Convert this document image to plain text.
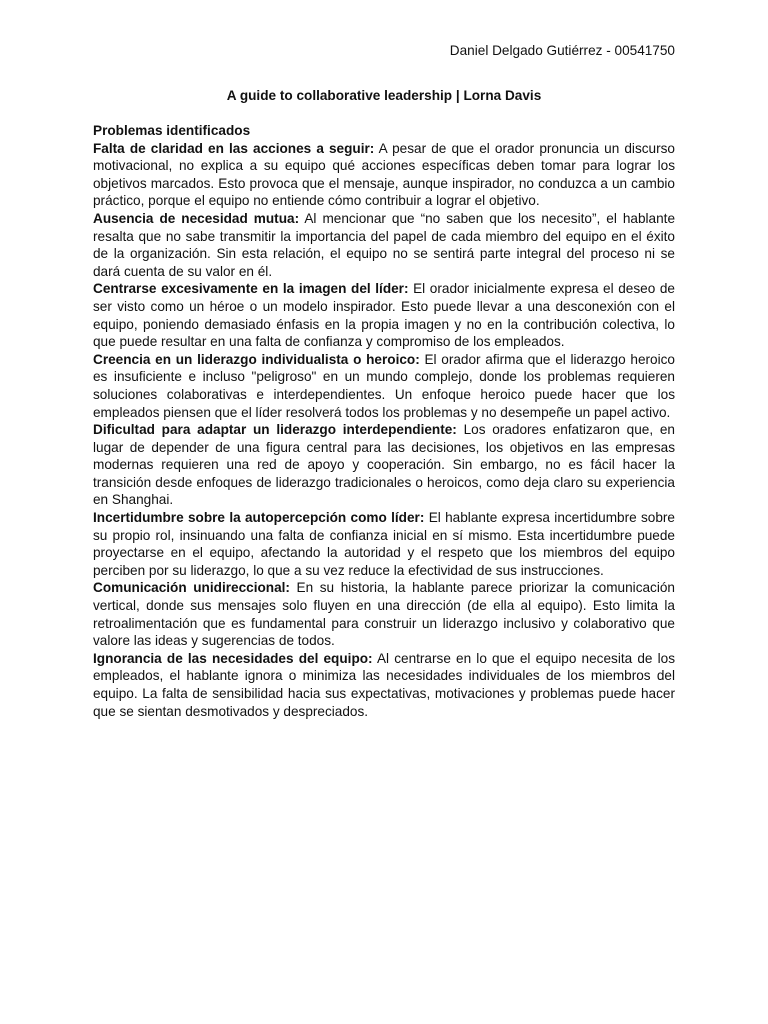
Daniel Delgado Gutiérrez - 00541750
A guide to collaborative leadership | Lorna Davis

Problemas identificados

Falta de claridad en las acciones a seguir: A pesar de que el orador pronuncia un discurso motivacional, no explica a su equipo qué acciones específicas deben tomar para lograr los objetivos marcados. Esto provoca que el mensaje, aunque inspirador, no conduzca a un cambio práctico, porque el equipo no entiende cómo contribuir a lograr el objetivo.

Ausencia de necesidad mutua: Al mencionar que “no saben que los necesito”, el hablante resalta que no sabe transmitir la importancia del papel de cada miembro del equipo en el éxito de la organización. Sin esta relación, el equipo no se sentirá parte integral del proceso ni se dará cuenta de su valor en él.

Centrarse excesivamente en la imagen del líder: El orador inicialmente expresa el deseo de ser visto como un héroe o un modelo inspirador. Esto puede llevar a una desconexión con el equipo, poniendo demasiado énfasis en la propia imagen y no en la contribución colectiva, lo que puede resultar en una falta de confianza y compromiso de los empleados.

Creencia en un liderazgo individualista o heroico: El orador afirma que el liderazgo heroico es insuficiente e incluso "peligroso" en un mundo complejo, donde los problemas requieren soluciones colaborativas e interdependientes. Un enfoque heroico puede hacer que los empleados piensen que el líder resolverá todos los problemas y no desempeñe un papel activo.

Dificultad para adaptar un liderazgo interdependiente: Los oradores enfatizaron que, en lugar de depender de una figura central para las decisiones, los objetivos en las empresas modernas requieren una red de apoyo y cooperación. Sin embargo, no es fácil hacer la transición desde enfoques de liderazgo tradicionales o heroicos, como deja claro su experiencia en Shanghai.

Incertidumbre sobre la autopercepción como líder: El hablante expresa incertidumbre sobre su propio rol, insinuando una falta de confianza inicial en sí mismo. Esta incertidumbre puede proyectarse en el equipo, afectando la autoridad y el respeto que los miembros del equipo perciben por su liderazgo, lo que a su vez reduce la efectividad de sus instrucciones.

Comunicación unidireccional: En su historia, la hablante parece priorizar la comunicación vertical, donde sus mensajes solo fluyen en una dirección (de ella al equipo). Esto limita la retroalimentación que es fundamental para construir un liderazgo inclusivo y colaborativo que valore las ideas y sugerencias de todos.

Ignorancia de las necesidades del equipo: Al centrarse en lo que el equipo necesita de los empleados, el hablante ignora o minimiza las necesidades individuales de los miembros del equipo. La falta de sensibilidad hacia sus expectativas, motivaciones y problemas puede hacer que se sientan desmotivados y despreciados.
